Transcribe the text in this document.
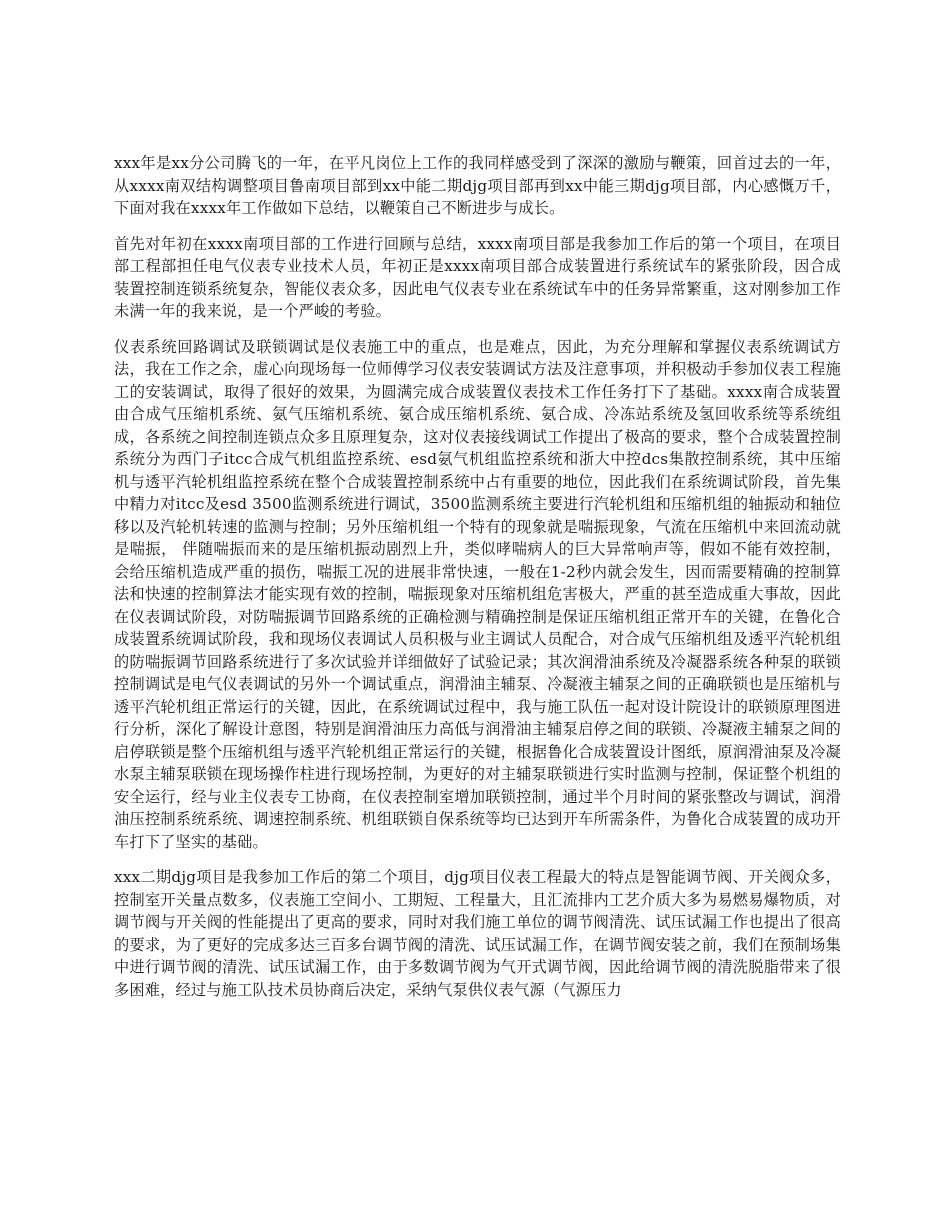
xxx年是xx分公司腾飞的一年，在平凡岗位上工作的我同样感受到了深深的激励与鞭策，回首过去的一年，从xxxx南双结构调整项目鲁南项目部到xx中能二期djg项目部再到xx中能三期djg项目部，内心感慨万千，下面对我在xxxx年工作做如下总结，以鞭策自己不断进步与成长。

首先对年初在xxxx南项目部的工作进行回顾与总结，xxxx南项目部是我参加工作后的第一个项目，在项目部工程部担任电气仪表专业技术人员，年初正是xxxx南项目部合成装置进行系统试车的紧张阶段，因合成装置控制连锁系统复杂，智能仪表众多，因此电气仪表专业在系统试车中的任务异常繁重，这对刚参加工作未满一年的我来说，是一个严峻的考验。

仪表系统回路调试及联锁调试是仪表施工中的重点，也是难点，因此，为充分理解和掌握仪表系统调试方法，我在工作之余，虚心向现场每一位师傅学习仪表安装调试方法及注意事项，并积极动手参加仪表工程施工的安装调试，取得了很好的效果，为圆满完成合成装置仪表技术工作任务打下了基础。xxxx南合成装置由合成气压缩机系统、氨气压缩机系统、氨合成压缩机系统、氨合成、冷冻站系统及氢回收系统等系统组成，各系统之间控制连锁点众多且原理复杂，这对仪表接线调试工作提出了极高的要求，整个合成装置控制系统分为西门子itcc合成气机组监控系统、esd氨气机组监控系统和浙大中控dcs集散控制系统，其中压缩机与透平汽轮机组监控系统在整个合成装置控制系统中占有重要的地位，因此我们在系统调试阶段，首先集中精力对itcc及esd 3500监测系统进行调试，3500监测系统主要进行汽轮机组和压缩机组的轴振动和轴位移以及汽轮机转速的监测与控制；另外压缩机组一个特有的现象就是喘振现象，气流在压缩机中来回流动就是喘振， 伴随喘振而来的是压缩机振动剧烈上升，类似哮喘病人的巨大异常响声等，假如不能有效控制，会给压缩机造成严重的损伤，喘振工况的进展非常快速，一般在1-2秒内就会发生，因而需要精确的控制算法和快速的控制算法才能实现有效的控制，喘振现象对压缩机组危害极大，严重的甚至造成重大事故，因此在仪表调试阶段，对防喘振调节回路系统的正确检测与精确控制是保证压缩机组正常开车的关键，在鲁化合成装置系统调试阶段，我和现场仪表调试人员积极与业主调试人员配合，对合成气压缩机组及透平汽轮机组的防喘振调节回路系统进行了多次试验并详细做好了试验记录；其次润滑油系统及冷凝器系统各种泵的联锁控制调试是电气仪表调试的另外一个调试重点，润滑油主辅泵、冷凝液主辅泵之间的正确联锁也是压缩机与透平汽轮机组正常运行的关键，因此，在系统调试过程中，我与施工队伍一起对设计院设计的联锁原理图进行分析，深化了解设计意图，特别是润滑油压力高低与润滑油主辅泵启停之间的联锁、冷凝液主辅泵之间的启停联锁是整个压缩机组与透平汽轮机组正常运行的关键，根据鲁化合成装置设计图纸，原润滑油泵及冷凝水泵主辅泵联锁在现场操作柱进行现场控制，为更好的对主辅泵联锁进行实时监测与控制，保证整个机组的安全运行，经与业主仪表专工协商，在仪表控制室增加联锁控制，通过半个月时间的紧张整改与调试，润滑油压控制系统系统、调速控制系统、机组联锁自保系统等均已达到开车所需条件，为鲁化合成装置的成功开车打下了坚实的基础。

xxx二期djg项目是我参加工作后的第二个项目，djg项目仪表工程最大的特点是智能调节阀、开关阀众多，控制室开关量点数多，仪表施工空间小、工期短、工程量大，且汇流排内工艺介质大多为易燃易爆物质，对调节阀与开关阀的性能提出了更高的要求，同时对我们施工单位的调节阀清洗、试压试漏工作也提出了很高的要求，为了更好的完成多达三百多台调节阀的清洗、试压试漏工作，在调节阀安装之前，我们在预制场集中进行调节阀的清洗、试压试漏工作，由于多数调节阀为气开式调节阀，因此给调节阀的清洗脱脂带来了很多困难，经过与施工队技术员协商后决定，采纳气泵供仪表气源（气源压力
